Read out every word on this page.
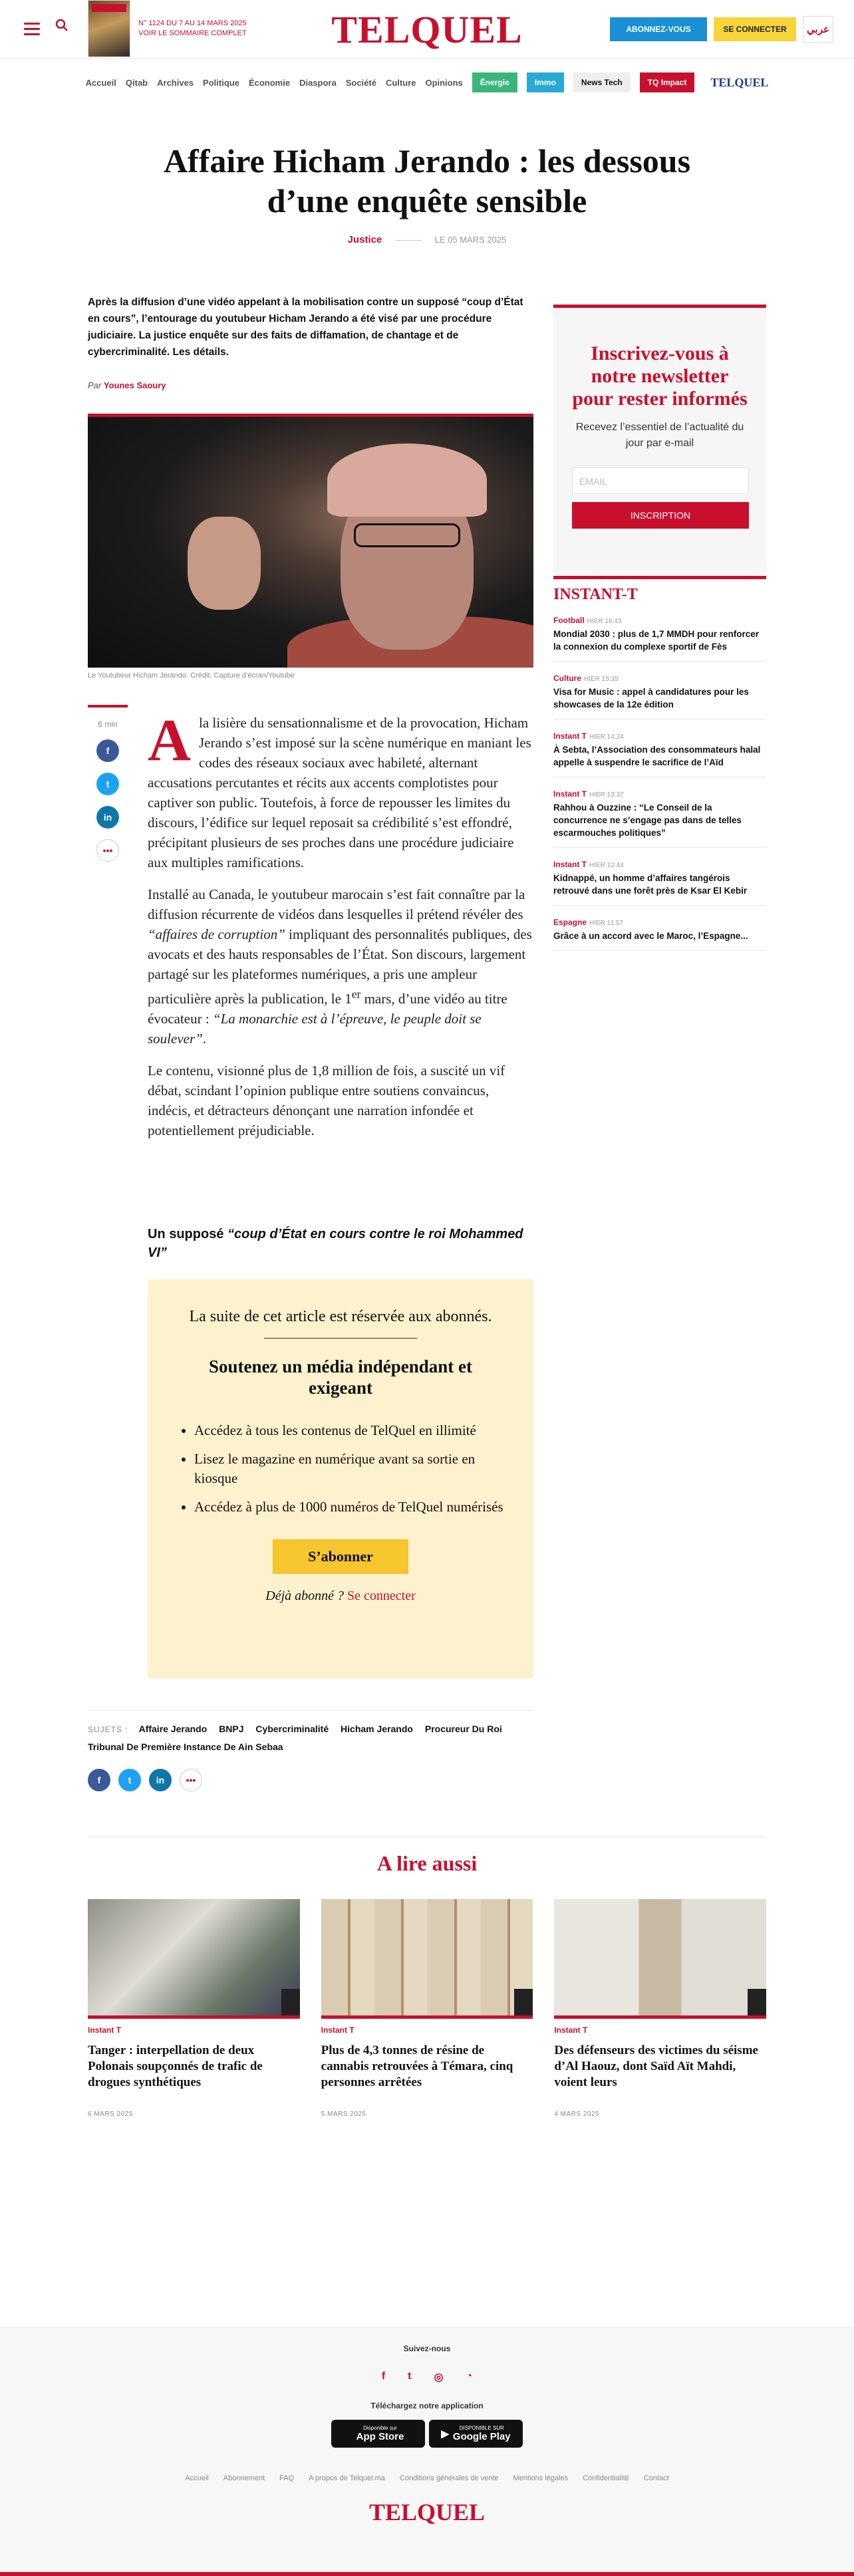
N° 1124 DU 7 AU 14 MARS 2025
VOIR LE SOMMAIRE COMPLET	TELQUEL	ABONNEZ-VOUS	SE CONNECTER	عربي
Accueil Qitab Archives Politique Économie Diaspora Société Culture Opinions	Énergie	Immo	News Tech	TQ Impact	TELQUEL
Affaire Hicham Jerando : les dessous d’une enquête sensible
Justice	LE 05 MARS 2025

Après la diffusion d’une vidéo appelant à la mobilisation contre un supposé “coup d’État en cours”, l’entourage du youtubeur Hicham Jerando a été visé par une procédure judiciaire. La justice enquête sur des faits de diffamation, de chantage et de cybercriminalité. Les détails.

Par Younes Saoury
Le Youtubeur Hicham Jerando. Crédit: Capture d’écran/Youtube
6 min
f
t
in
•••

Ala lisière du sensationnalisme et de la provocation, Hicham Jerando s’est imposé sur la scène numérique en maniant les codes des réseaux sociaux avec habileté, alternant accusations percutantes et récits aux accents complotistes pour captiver son public. Toutefois, à force de repousser les limites du discours, l’édifice sur lequel reposait sa crédibilité s’est effondré, précipitant plusieurs de ses proches dans une procédure judiciaire aux multiples ramifications.

Installé au Canada, le youtubeur marocain s’est fait connaître par la diffusion récurrente de vidéos dans lesquelles il prétend révéler des “affaires de corruption” impliquant des personnalités publiques, des avocats et des hauts responsables de l’État. Son discours, largement partagé sur les plateformes numériques, a pris une ampleur particulière après la publication, le 1er mars, d’une vidéo au titre évocateur : “La monarchie est à l’épreuve, le peuple doit se soulever”.

Le contenu, visionné plus de 1,8 million de fois, a suscité un vif débat, scindant l’opinion publique entre soutiens convaincus, indécis, et détracteurs dénonçant une narration infondée et potentiellement préjudiciable.

Un supposé “coup d’État en cours contre le roi Mohammed VI”
La suite de cet article est réservée aux abonnés.
Soutenez un média indépendant et exigeant
• Accédez à tous les contenus de TelQuel en illimité
• Lisez le magazine en numérique avant sa sortie en kiosque
• Accédez à plus de 1000 numéros de TelQuel numérisés
S’abonner
Déjà abonné ? Se connecter
SUJETS : Affaire Jerando BNPJ Cybercriminalité Hicham Jerando Procureur Du Roi
Tribunal De Première Instance De Ain Sebaa
f	t	in	•••
Inscrivez-vous à notre newsletter pour rester informés
Recevez l’essentiel de l’actualité du jour par e-mail
EMAIL
INSCRIPTION
INSTANT-T
Football HIER 16:43
Mondial 2030 : plus de 1,7 MMDH pour renforcer la connexion du complexe sportif de Fès
Culture HIER 15:35
Visa for Music : appel à candidatures pour les showcases de la 12e édition
Instant T HIER 14:24
À Sebta, l’Association des consommateurs halal appelle à suspendre le sacrifice de l’Aïd
Instant T HIER 13:37
Rahhou à Ouzzine : “Le Conseil de la concurrence ne s’engage pas dans de telles escarmouches politiques”
Instant T HIER 12:44
Kidnappé, un homme d’affaires tangérois retrouvé dans une forêt près de Ksar El Kebir
Espagne HIER 11:57
Grâce à un accord avec le Maroc, l’Espagne...
A lire aussi
Instant T
Tanger : interpellation de deux Polonais soupçonnés de trafic de drogues synthétiques
6 MARS 2025
Instant T
Plus de 4,3 tonnes de résine de cannabis retrouvées à Témara, cinq personnes arrêtées
5 MARS 2025
Instant T
Des défenseurs des victimes du séisme d’Al Haouz, dont Saïd Aït Mahdi, voient leurs
4 MARS 2025
Suivez-nous
f t ◎ ◔
Téléchargez notre application
Disponible sur
App Store	▶
DISPONIBLE SUR
Google Play
Accueil Abonnement FAQ A propos de Telquel.ma Conditions générales de vente Mentions légales Confidentialité Contact
TELQUEL
